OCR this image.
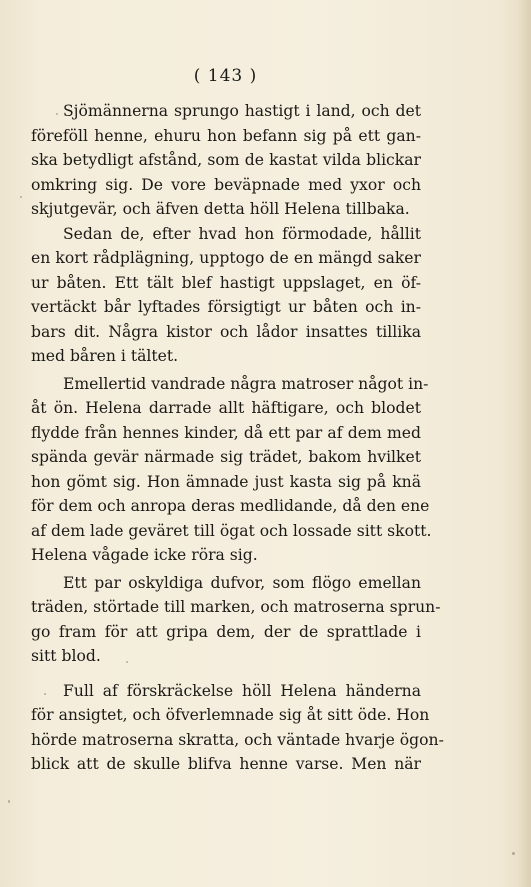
( 143 )
Sjömännerna sprungo hastigt i land, och det
föreföll henne, ehuru hon befann sig på ett gan-
ska betydligt afstånd, som de kastat vilda blickar
omkring sig. De vore beväpnade med yxor och
skjutgevär, och äfven detta höll Helena tillbaka.
Sedan de, efter hvad hon förmodade, hållit
en kort rådplägning, upptogo de en mängd saker
ur båten. Ett tält blef hastigt uppslaget, en öf-
vertäckt bår lyftades försigtigt ur båten och in-
bars dit. Några kistor och lådor insattes tillika
med båren i tältet.
Emellertid vandrade några matroser något in-
åt ön. Helena darrade allt häftigare, och blodet
flydde från hennes kinder, då ett par af dem med
spända gevär närmade sig trädet, bakom hvilket
hon gömt sig. Hon ämnade just kasta sig på knä
för dem och anropa deras medlidande, då den ene
af dem lade geväret till ögat och lossade sitt skott.
Helena vågade icke röra sig.
Ett par oskyldiga dufvor, som flögo emellan
träden, störtade till marken, och matroserna sprun-
go fram för att gripa dem, der de sprattlade i
sitt blod.
Full af förskräckelse höll Helena händerna
för ansigtet, och öfverlemnade sig åt sitt öde. Hon
hörde matroserna skratta, och väntade hvarje ögon-
blick att de skulle blifva henne varse. Men när
